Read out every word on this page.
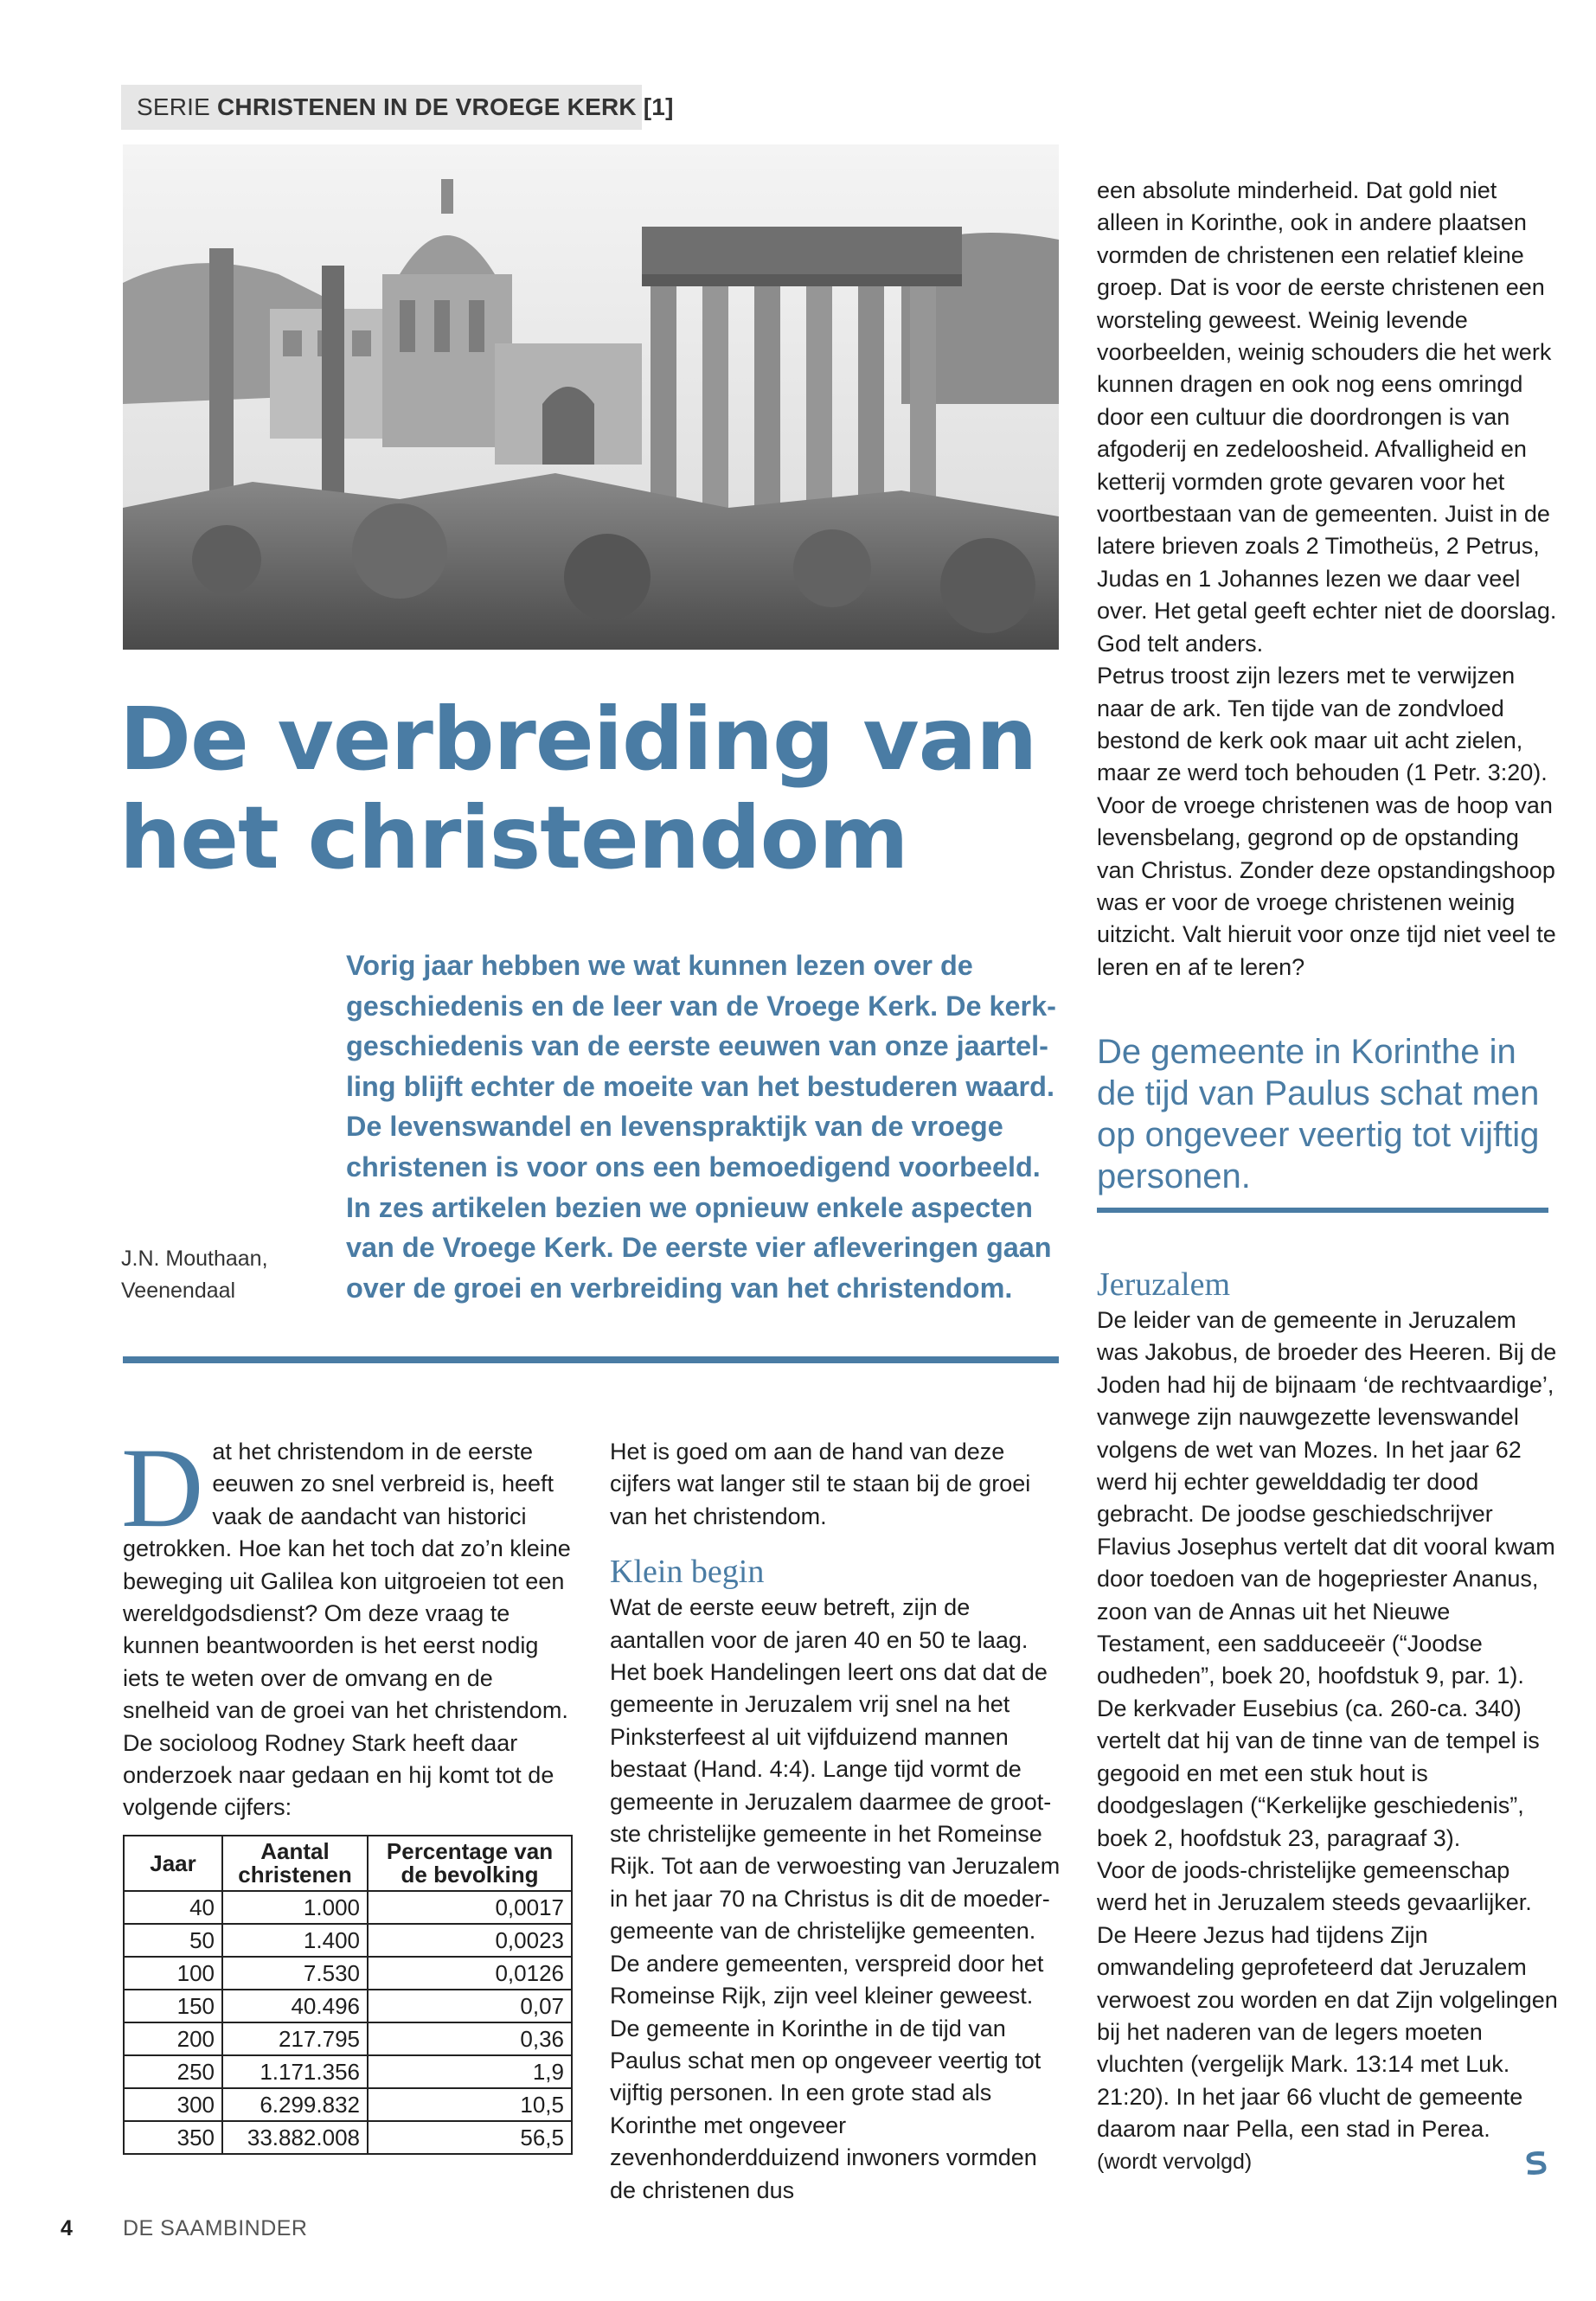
SERIE CHRISTENEN IN DE VROEGE KERK [1]
De verbreiding van
het christendom
Vorig jaar hebben we wat kunnen lezen over de geschiedenis en de leer van de Vroege Kerk. De kerk-geschiedenis van de eerste eeuwen van onze jaartel-ling blijft echter de moeite van het bestuderen waard. De levenswandel en levenspraktijk van de vroege christenen is voor ons een bemoedigend voorbeeld. In zes artikelen bezien we opnieuw enkele aspecten van de Vroege Kerk. De eerste vier afleveringen gaan over de groei en verbreiding van het christendom.
J.N. Mouthaan,
Veenendaal
D at het christendom in de eerste eeuwen zo snel verbreid is, heeft vaak de aandacht van historici getrokken. Hoe kan het toch dat zo’n kleine beweging uit Galilea kon uitgroeien tot een wereldgodsdienst? Om deze vraag te kunnen beantwoorden is het eerst nodig iets te weten over de omvang en de snelheid van de groei van het christendom. De socioloog Rodney Stark heeft daar onderzoek naar gedaan en hij komt tot de volgende cijfers:
Jaar	Aantal christenen	Percentage van de bevolking
40	1.000	0,0017
50	1.400	0,0023
100	7.530	0,0126
150	40.496	0,07
200	217.795	0,36
250	1.171.356	1,9
300	6.299.832	10,5
350	33.882.008	56,5
Het is goed om aan de hand van deze cijfers wat langer stil te staan bij de groei van het christendom.
Klein begin
Wat de eerste eeuw betreft, zijn de aantallen voor de jaren 40 en 50 te laag. Het boek Handelingen leert ons dat dat de gemeente in Jeruzalem vrij snel na het Pinksterfeest al uit vijfduizend mannen bestaat (Hand. 4:4). Lange tijd vormt de gemeente in Jeruzalem daarmee de groot-ste christelijke gemeente in het Romeinse Rijk. Tot aan de verwoesting van Jeruzalem in het jaar 70 na Christus is dit de moeder-gemeente van de christelijke gemeenten. De andere gemeenten, verspreid door het Romeinse Rijk, zijn veel kleiner geweest. De gemeente in Korinthe in de tijd van Paulus schat men op ongeveer veertig tot vijftig personen. In een grote stad als Korinthe met ongeveer zevenhonderdduizend inwoners vormden de christenen dus
een absolute minderheid. Dat gold niet alleen in Korinthe, ook in andere plaatsen vormden de christenen een relatief kleine groep. Dat is voor de eerste christenen een worsteling geweest. Weinig levende voorbeelden, weinig schouders die het werk kunnen dragen en ook nog eens omringd door een cultuur die doordrongen is van afgoderij en zedeloosheid. Afvalligheid en ketterij vormden grote gevaren voor het voortbestaan van de gemeenten. Juist in de latere brieven zoals 2 Timotheüs, 2 Petrus, Judas en 1 Johannes lezen we daar veel over. Het getal geeft echter niet de doorslag. God telt anders.
Petrus troost zijn lezers met te verwijzen naar de ark. Ten tijde van de zondvloed bestond de kerk ook maar uit acht zielen, maar ze werd toch behouden (1 Petr. 3:20). Voor de vroege christenen was de hoop van levensbelang, gegrond op de opstanding van Christus. Zonder deze opstandingshoop was er voor de vroege christenen weinig uitzicht. Valt hieruit voor onze tijd niet veel te leren en af te leren?
De gemeente in Korinthe in de tijd van Paulus schat men op ongeveer veertig tot vijftig personen.
Jeruzalem
De leider van de gemeente in Jeruzalem was Jakobus, de broeder des Heeren. Bij de Joden had hij de bijnaam ‘de rechtvaardige’, vanwege zijn nauwgezette levenswandel volgens de wet van Mozes. In het jaar 62 werd hij echter gewelddadig ter dood gebracht. De joodse geschiedschrijver Flavius Josephus vertelt dat dit vooral kwam door toedoen van de hogepriester Ananus, zoon van de Annas uit het Nieuwe Testament, een sadduceeër (“Joodse oudheden”, boek 20, hoofdstuk 9, par. 1). De kerkvader Eusebius (ca. 260-ca. 340) vertelt dat hij van de tinne van de tempel is gegooid en met een stuk hout is doodgeslagen (“Kerkelijke geschiedenis”, boek 2, hoofdstuk 23, paragraaf 3).
Voor de joods-christelijke gemeenschap werd het in Jeruzalem steeds gevaarlijker. De Heere Jezus had tijdens Zijn omwandeling geprofeteerd dat Jeruzalem verwoest zou worden en dat Zijn volgelingen bij het naderen van de legers moeten vluchten (vergelijk Mark. 13:14 met Luk. 21:20). In het jaar 66 vlucht de gemeente daarom naar Pella, een stad in Perea.
(wordt vervolgd)
4 DE SAAMBINDER
